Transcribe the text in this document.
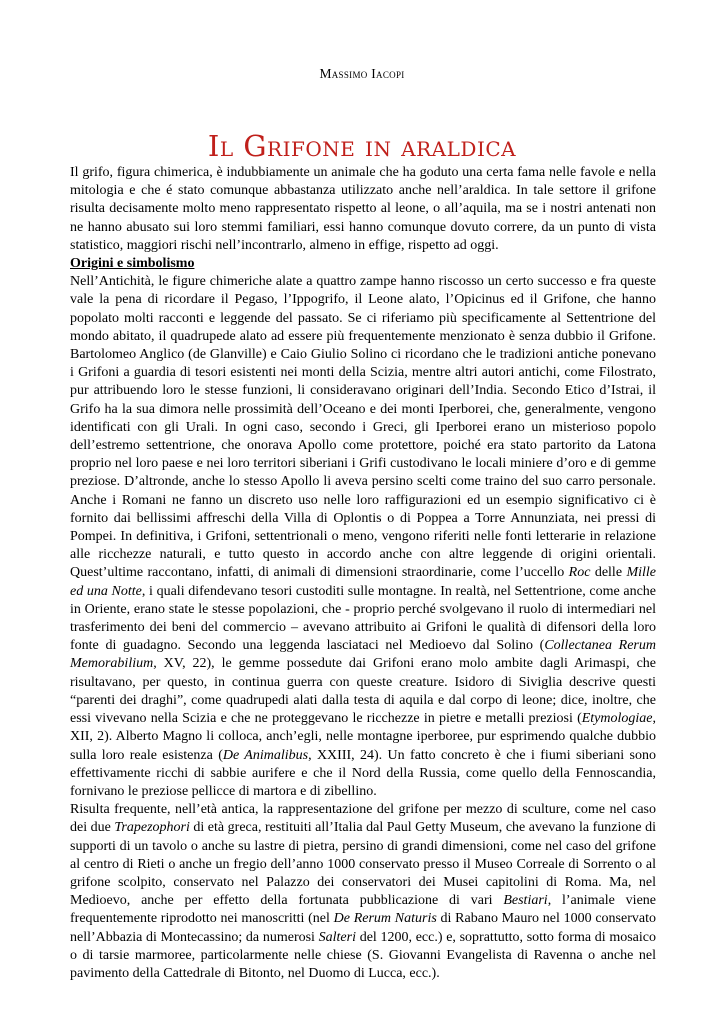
Massimo Iacopi
Il Grifone in araldica

Il grifo, figura chimerica, è indubbiamente un animale che ha goduto una certa fama nelle favole e nella mitologia e che é stato comunque abbastanza utilizzato anche nell’araldica. In tale settore il grifone risulta decisamente molto meno rappresentato rispetto al leone, o all’aquila, ma se i nostri antenati non ne hanno abusato sui loro stemmi familiari, essi hanno comunque dovuto correre, da un punto di vista statistico, maggiori rischi nell’incontrarlo, almeno in effige, rispetto ad oggi.

Origini e simbolismo

Nell’Antichità, le figure chimeriche alate a quattro zampe hanno riscosso un certo successo e fra queste vale la pena di ricordare il Pegaso, l’Ippogrifo, il Leone alato, l’Opicinus ed il Grifone, che hanno popolato molti racconti e leggende del passato. Se ci riferiamo più specificamente al Settentrione del mondo abitato, il quadrupede alato ad essere più frequentemente menzionato è senza dubbio il Grifone. Bartolomeo Anglico (de Glanville) e Caio Giulio Solino ci ricordano che le tradizioni antiche ponevano i Grifoni a guardia di tesori esistenti nei monti della Scizia, mentre altri autori antichi, come Filostrato, pur attribuendo loro le stesse funzioni, li consideravano originari dell’India. Secondo Etico d’Istrai, il Grifo ha la sua dimora nelle prossimità dell’Oceano e dei monti Iperborei, che, generalmente, vengono identificati con gli Urali. In ogni caso, secondo i Greci, gli Iperborei erano un misterioso popolo dell’estremo settentrione, che onorava Apollo come protettore, poiché era stato partorito da Latona proprio nel loro paese e nei loro territori siberiani i Grifi custodivano le locali miniere d’oro e di gemme preziose. D’altronde, anche lo stesso Apollo li aveva persino scelti come traino del suo carro personale. Anche i Romani ne fanno un discreto uso nelle loro raffigurazioni ed un esempio significativo ci è fornito dai bellissimi affreschi della Villa di Oplontis o di Poppea a Torre Annunziata, nei pressi di Pompei. In definitiva, i Grifoni, settentrionali o meno, vengono riferiti nelle fonti letterarie in relazione alle ricchezze naturali, e tutto questo in accordo anche con altre leggende di origini orientali. Quest’ultime raccontano, infatti, di animali di dimensioni straordinarie, come l’uccello Roc delle Mille ed una Notte, i quali difendevano tesori custoditi sulle montagne. In realtà, nel Settentrione, come anche in Oriente, erano state le stesse popolazioni, che - proprio perché svolgevano il ruolo di intermediari nel trasferimento dei beni del commercio – avevano attribuito ai Grifoni le qualità di difensori della loro fonte di guadagno. Secondo una leggenda lasciataci nel Medioevo dal Solino (Collectanea Rerum Memorabilium, XV, 22), le gemme possedute dai Grifoni erano molo ambite dagli Arimaspi, che risultavano, per questo, in continua guerra con queste creature. Isidoro di Siviglia descrive questi “parenti dei draghi”, come quadrupedi alati dalla testa di aquila e dal corpo di leone; dice, inoltre, che essi vivevano nella Scizia e che ne proteggevano le ricchezze in pietre e metalli preziosi (Etymologiae, XII, 2). Alberto Magno li colloca, anch’egli, nelle montagne iperboree, pur esprimendo qualche dubbio sulla loro reale esistenza (De Animalibus, XXIII, 24). Un fatto concreto è che i fiumi siberiani sono effettivamente ricchi di sabbie aurifere e che il Nord della Russia, come quello della Fennoscandia, fornivano le preziose pellicce di martora e di zibellino.

Risulta frequente, nell’età antica, la rappresentazione del grifone per mezzo di sculture, come nel caso dei due Trapezophori di età greca, restituiti all’Italia dal Paul Getty Museum, che avevano la funzione di supporti di un tavolo o anche su lastre di pietra, persino di grandi dimensioni, come nel caso del grifone al centro di Rieti o anche un fregio dell’anno 1000 conservato presso il Museo Correale di Sorrento o al grifone scolpito, conservato nel Palazzo dei conservatori dei Musei capitolini di Roma. Ma, nel Medioevo, anche per effetto della fortunata pubblicazione di vari Bestiari, l’animale viene frequentemente riprodotto nei manoscritti (nel De Rerum Naturis di Rabano Mauro nel 1000 conservato nell’Abbazia di Montecassino; da numerosi Salteri del 1200, ecc.) e, soprattutto, sotto forma di mosaico o di tarsie marmoree, particolarmente nelle chiese (S. Giovanni Evangelista di Ravenna o anche nel pavimento della Cattedrale di Bitonto, nel Duomo di Lucca, ecc.).
